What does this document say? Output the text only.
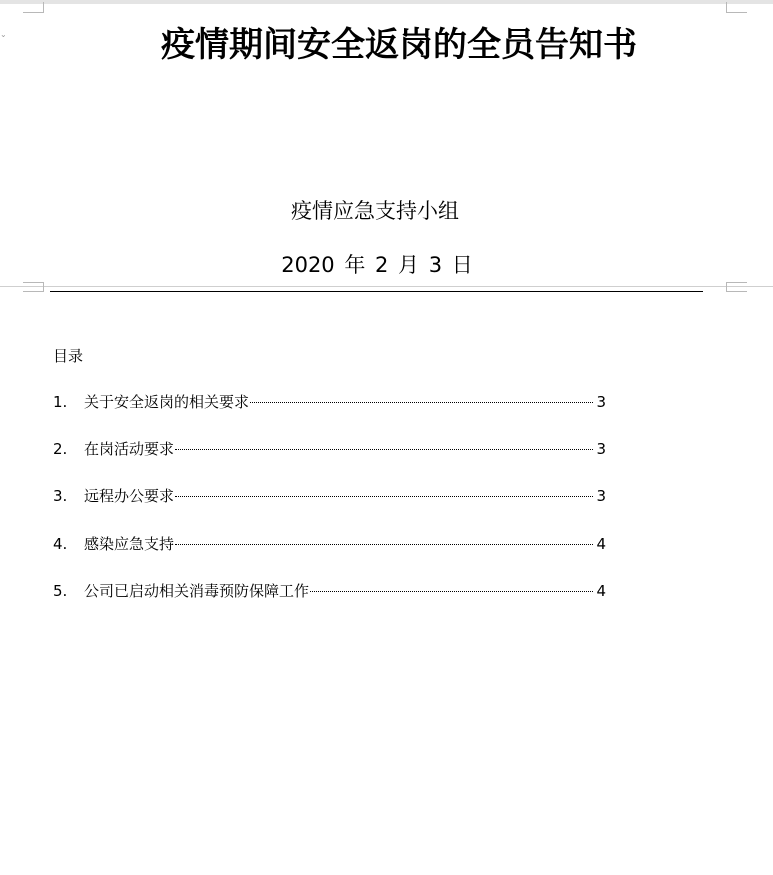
⌄	疫情期间安全返岗的全员告知书
疫情应急支持小组
2020 年 2 月 3 日
目录
1.	关于安全返岗的相关要求	3
2.	在岗活动要求	3
3.	远程办公要求	3
4.	感染应急支持	4
5.	公司已启动相关消毒预防保障工作	4
